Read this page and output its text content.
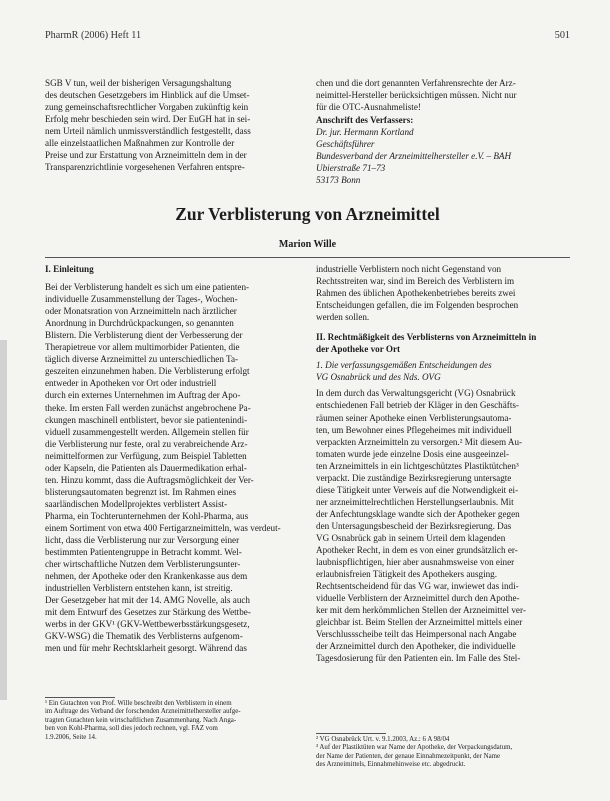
PharmR (2006) Heft 11	501
SGB V tun, weil der bisherigen Versagungshaltung
des deutschen Gesetzgebers im Hinblick auf die Umset-
zung gemeinschaftsrechtlicher Vorgaben zukünftig kein
Erfolg mehr beschieden sein wird. Der EuGH hat in sei-
nem Urteil nämlich unmissverständlich festgestellt, dass
alle einzelstaatlichen Maßnahmen zur Kontrolle der
Preise und zur Erstattung von Arzneimitteln dem in der
Transparenzrichtlinie vorgesehenen Verfahren entspre-
chen und die dort genannten Verfahrensrechte der Arz-
neimittel-Hersteller berücksichtigen müssen. Nicht nur
für die OTC-Ausnahmeliste!
Anschrift des Verfassers:
Dr. jur. Hermann Kortland
Geschäftsführer
Bundesverband der Arzneimittelhersteller e.V. – BAH
Ubierstraße 71–73
53173 Bonn
Zur Verblisterung von Arzneimittel
Marion Wille

I. Einleitung

Bei der Verblisterung handelt es sich um eine patienten-
individuelle Zusammenstellung der Tages-, Wochen-
oder Monatsration von Arzneimitteln nach ärztlicher
Anordnung in Durchdrückpackungen, so genannten
Blistern. Die Verblisterung dient der Verbesserung der
Therapietreue vor allem multimorbider Patienten, die
täglich diverse Arzneimittel zu unterschiedlichen Ta-
geszeiten einzunehmen haben. Die Verblisterung erfolgt
entweder in Apotheken vor Ort oder industriell
durch ein externes Unternehmen im Auftrag der Apo-
theke. Im ersten Fall werden zunächst angebrochene Pa-
ckungen maschinell entblistert, bevor sie patientenindi-
viduell zusammengestellt werden. Allgemein stellen für
die Verblisterung nur feste, oral zu verabreichende Arz-
neimittelformen zur Verfügung, zum Beispiel Tabletten
oder Kapseln, die Patienten als Dauermedikation erhal-
ten. Hinzu kommt, dass die Auftragsmöglichkeit der Ver-
blisterungsautomaten begrenzt ist. Im Rahmen eines
saarländischen Modellprojektes verblistert Assist-
Pharma, ein Tochterunternehmen der Kohl-Pharma, aus
einem Sortiment von etwa 400 Fertigarzneimitteln, was verdeut-
licht, dass die Verblisterung nur zur Versorgung einer
bestimmten Patientengruppe in Betracht kommt. Wel-
cher wirtschaftliche Nutzen dem Verblisterungsunter-
nehmen, der Apotheke oder den Krankenkasse aus dem
industriellen Verblistern entstehen kann, ist streitig.
Der Gesetzgeber hat mit der 14. AMG Novelle, als auch
mit dem Entwurf des Gesetzes zur Stärkung des Wettbe-
werbs in der GKV¹ (GKV-Wettbewerbsstärkungsgesetz,
GKV-WSG) die Thematik des Verblisterns aufgenom-
men und für mehr Rechtsklarheit gesorgt. Während das
industrielle Verblistern noch nicht Gegenstand von
Rechtsstreiten war, sind im Bereich des Verblistern im
Rahmen des üblichen Apothekenbetriebes bereits zwei
Entscheidungen gefallen, die im Folgenden besprochen
werden sollen.
II. Rechtmäßigkeit des Verblisterns von Arzneimitteln in
der Apotheke vor Ort
1. Die verfassungsgemäßen Entscheidungen des
VG Osnabrück und des Nds. OVG
In dem durch das Verwaltungsgericht (VG) Osnabrück
entschiedenen Fall betrieb der Kläger in den Geschäfts-
räumen seiner Apotheke einen Verblisterungsautoma-
ten, um Bewohner eines Pflegeheimes mit individuell
verpackten Arzneimitteln zu versorgen.² Mit diesem Au-
tomaten wurde jede einzelne Dosis eine ausgeeinzel-
ten Arzneimittels in ein lichtgeschütztes Plastiktütchen³
verpackt. Die zuständige Bezirksregierung untersagte
diese Tätigkeit unter Verweis auf die Notwendigkeit ei-
ner arzneimittelrechtlichen Herstellungserlaubnis. Mit
der Anfechtungsklage wandte sich der Apotheker gegen
den Untersagungsbescheid der Bezirksregierung. Das
VG Osnabrück gab in seinem Urteil dem klagenden
Apotheker Recht, in dem es von einer grundsätzlich er-
laubnispflichtigen, hier aber ausnahmsweise von einer
erlaubnisfreien Tätigkeit des Apothekers ausging.
Rechtsentscheidend für das VG war, inwiewet das indi-
viduelle Verblistern der Arzneimittel durch den Apothe-
ker mit dem herkömmlichen Stellen der Arzneimittel ver-
gleichbar ist. Beim Stellen der Arzneimittel mittels einer
Verschlussscheibe teilt das Heimpersonal nach Angabe
der Arzneimittel durch den Apotheker, die individuelle
Tagesdosierung für den Patienten ein. Im Falle des Stel-
¹ Ein Gutachten von Prof. Wille beschreibt den Verblistern in einem
im Auftrage des Verband der forschenden Arzneimittelhersteller aufge-
tragten Gutachten kein wirtschaftlichen Zusammenhang. Nach Anga-
ben von Kohl-Pharma, soll dies jedoch rechnen, vgl. FAZ vom
1.9.2006, Seite 14.	² VG Osnabrück Urt. v. 9.1.2003, Az.: 6 A 98/04
³ Auf der Plastiktüten war Name der Apotheke, der Verpackungsdatum,
der Name der Patienten, der genaue Einnahmezeitpunkt, der Name
des Arzneimittels, Einnahmehinweise etc. abgedruckt.
